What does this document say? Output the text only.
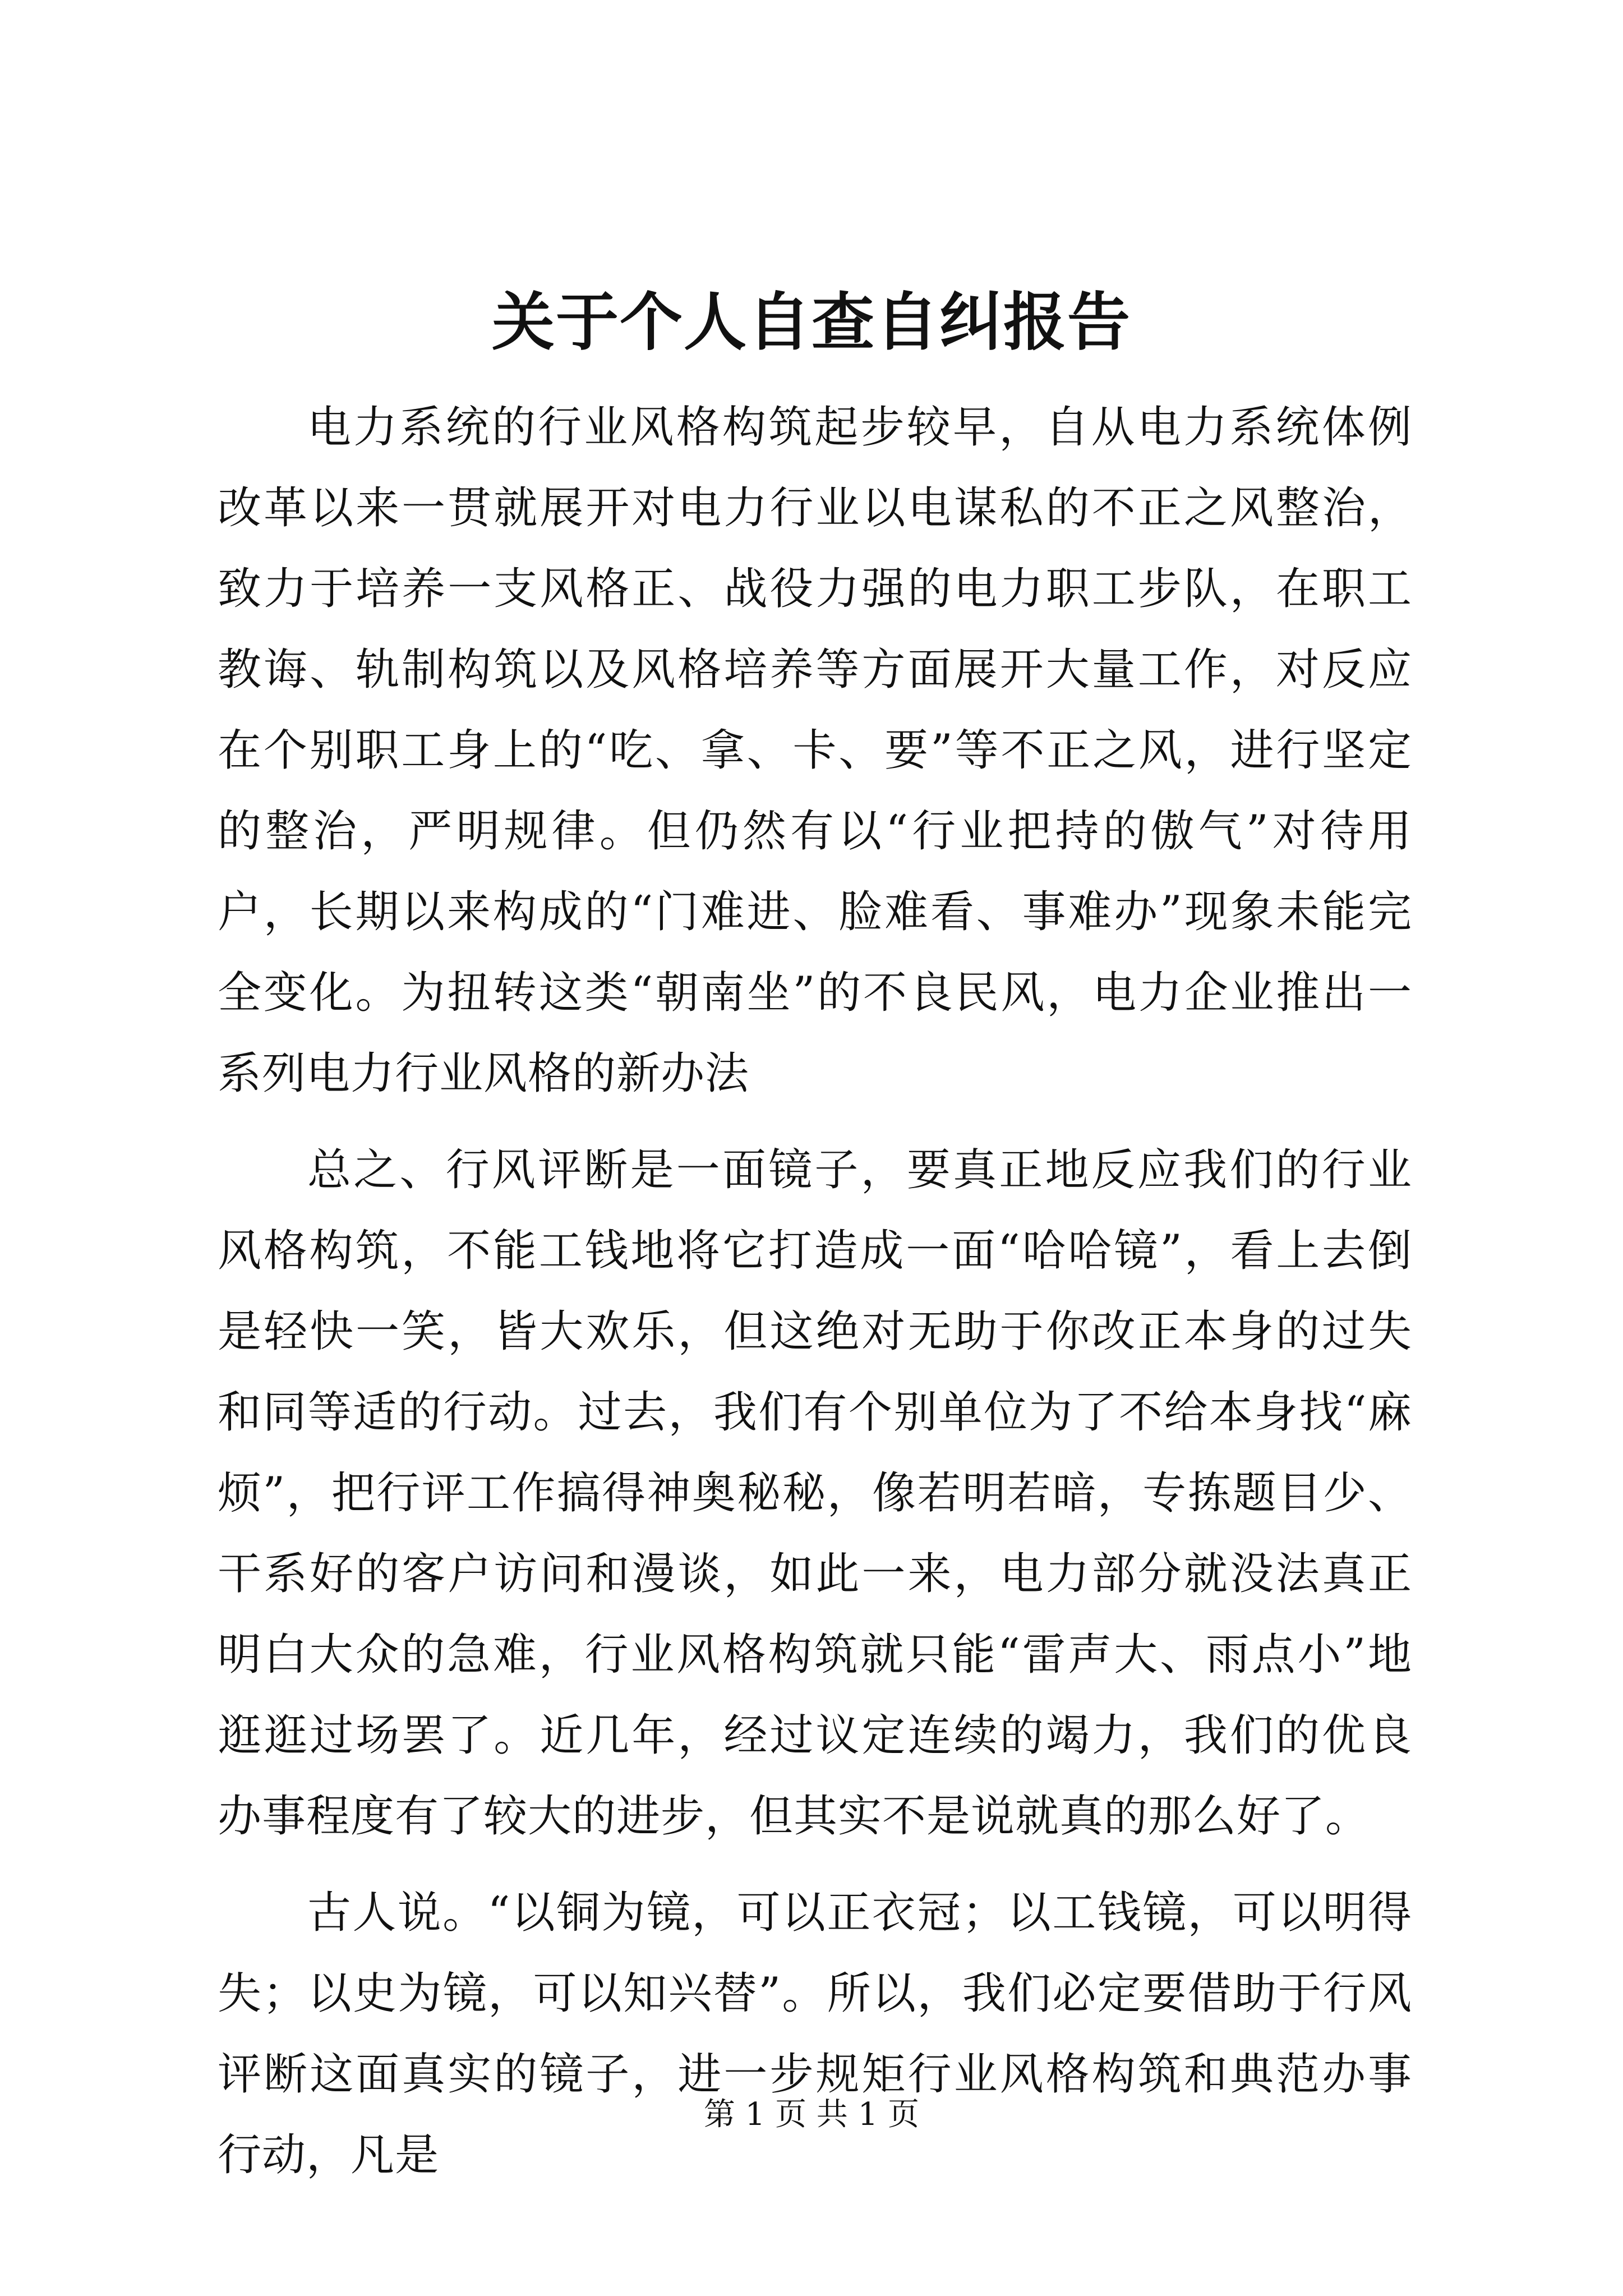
关于个人自查自纠报告

电力系统的行业风格构筑起步较早，自从电力系统体例改革以来一贯就展开对电力行业以电谋私的不正之风整治，致力于培养一支风格正、战役力强的电力职工步队，在职工教诲、轨制构筑以及风格培养等方面展开大量工作，对反应在个别职工身上的“吃、拿、卡、要”等不正之风，进行坚定的整治，严明规律。但仍然有以“行业把持的傲气”对待用户，长期以来构成的“门难进、脸难看、事难办”现象未能完全变化。为扭转这类“朝南坐”的不良民风，电力企业推出一系列电力行业风格的新办法

总之、行风评断是一面镜子，要真正地反应我们的行业风格构筑，不能工钱地将它打造成一面“哈哈镜”，看上去倒是轻快一笑，皆大欢乐，但这绝对无助于你改正本身的过失和同等适的行动。过去，我们有个别单位为了不给本身找“麻烦”，把行评工作搞得神奥秘秘，像若明若暗，专拣题目少、干系好的客户访问和漫谈，如此一来，电力部分就没法真正明白大众的急难，行业风格构筑就只能“雷声大、雨点小”地逛逛过场罢了。近几年，经过议定连续的竭力，我们的优良办事程度有了较大的进步，但其实不是说就真的那么好了。

古人说。“以铜为镜，可以正衣冠；以工钱镜，可以明得失；以史为镜，可以知兴替”。所以，我们必定要借助于行风评断这面真实的镜子，进一步规矩行业风格构筑和典范办事行动，凡是

第 1 页 共 1 页
